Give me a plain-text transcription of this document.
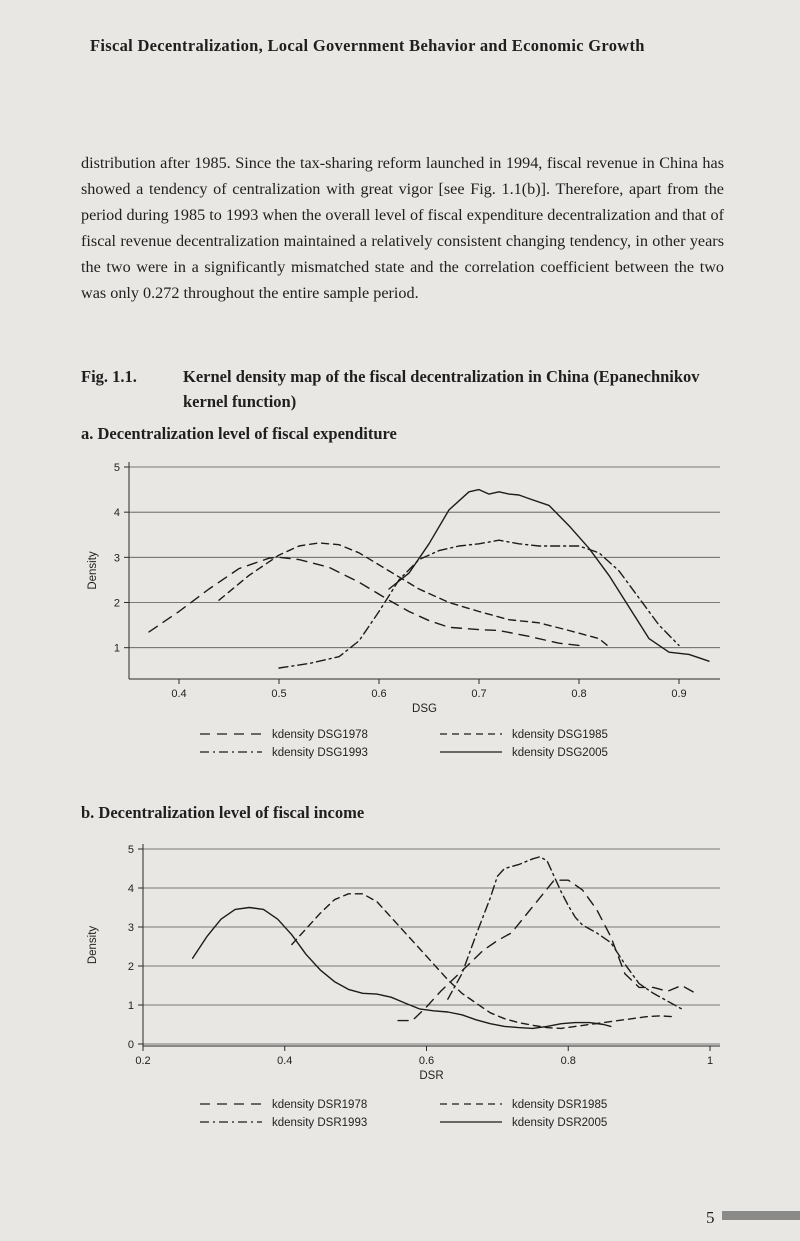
Fiscal Decentralization, Local Government Behavior and Economic Growth

distribution after 1985. Since the tax-sharing reform launched in 1994, fiscal revenue in China has showed a tendency of centralization with great vigor [see Fig. 1.1(b)]. Therefore, apart from the period during 1985 to 1993 when the overall level of fiscal expenditure decentralization and that of fiscal revenue decentralization maintained a relatively consistent changing tendency, in other years the two were in a significantly mismatched state and the correlation coefficient between the two was only 0.272 throughout the entire sample period.

Fig. 1.1.	Kernel density map of the fiscal decentralization in China (Epanechnikov kernel function)
a. Decentralization level of fiscal expenditure
1
2
3
4
5
0.4	0.5	0.6	0.7	0.8	0.9
DSG
Density
kdensity DSG1978	kdensity DSG1985
kdensity DSG1993	kdensity DSG2005
b. Decentralization level of fiscal income
0
1
2
3
4
5
0.2	0.4	0.6	0.8	1
DSR
Density
kdensity DSR1978	kdensity DSR1985
kdensity DSR1993	kdensity DSR2005
5
